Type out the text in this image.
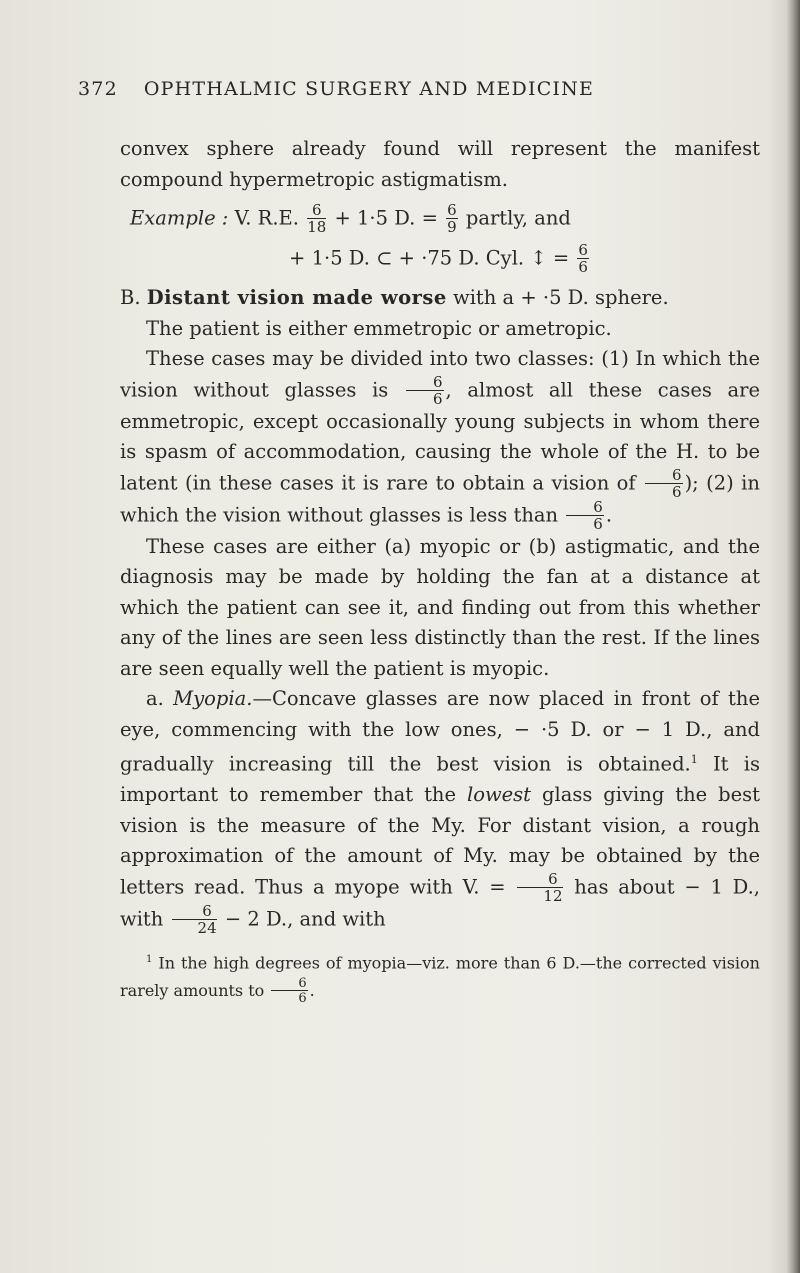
372 OPHTHALMIC SURGERY AND MEDICINE

convex sphere already found will represent the manifest compound hypermetropic astigmatism.

Example : V. R.E. $\frac{6}{18} + 1\cdot 5$ D. = $\frac{6}{9}$ partly, and

+ 1·5 D. ⊂ + ·75 D. Cyl. ↕ = $\frac{6}{6}$

B. Distant vision made worse with a + ·5 D. sphere.

The patient is either emmetropic or ametropic.

These cases may be divided into two classes: (1) In which the vision without glasses is $\frac{6}{6}$ , almost all these cases are emmetropic, except occasionally young subjects in whom there is spasm of accommodation, causing the whole of the H. to be latent (in these cases it is rare to obtain a vision of $\frac{6}{6}$ ); (2) in which the vision without glasses is less than $\frac{6}{6}$ .

These cases are either (a) myopic or (b) astigmatic, and the diagnosis may be made by holding the fan at a distance at which the patient can see it, and finding out from this whether any of the lines are seen less distinctly than the rest. If the lines are seen equally well the patient is myopic.

a. Myopia.—Concave glasses are now placed in front of the eye, commencing with the low ones, − ·5 D. or − 1 D., and gradually increasing till the best vision is obtained.$^1$ It is important to remember that the lowest glass giving the best vision is the measure of the My. For distant vision, a rough approximation of the amount of My. may be obtained by the letters read. Thus a myope with V. = $\frac{6}{12}$ has about − 1 D., with $\frac{6}{24} - 2$ D., and with

$^1$ In the high degrees of myopia—viz. more than 6 D.—the corrected vision rarely amounts to $\frac{6}{6}$ .
